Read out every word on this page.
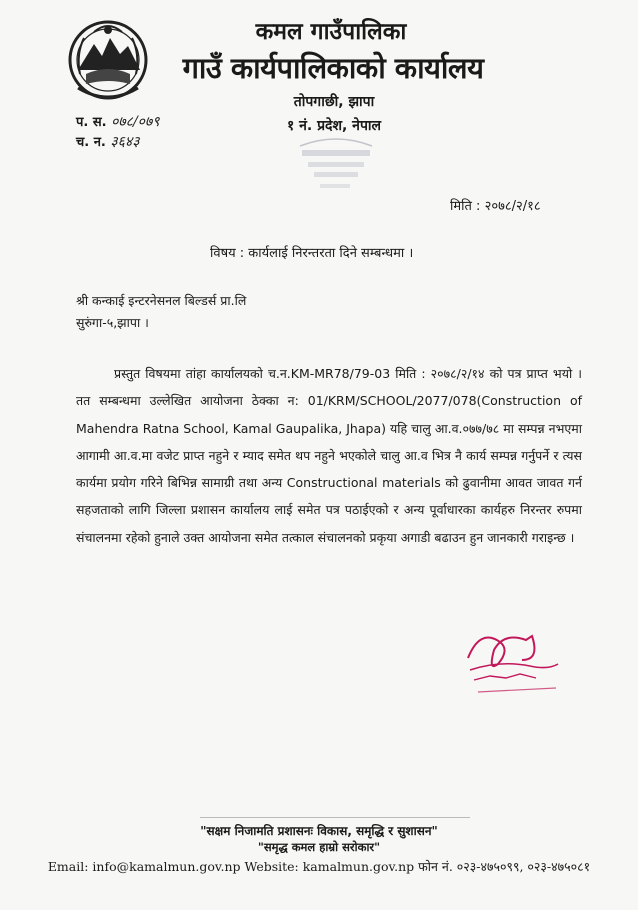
कमल गाउँपालिका
गाउँ कार्यपालिकाको कार्यालय
तोपगाछी, झापा
१ नं. प्रदेश, नेपाल
प. स. ०७८/०७९
च. न. ३६४३
मिति : २०७८/२/१८
विषय : कार्यलाई निरन्तरता दिने सम्बन्धमा ।
श्री कन्काई इन्टरनेसनल बिल्डर्स प्रा.लि
सुरुंगा-५,झापा ।

प्रस्तुत विषयमा तांहा कार्यालयको च.न.KM-MR78/79-03 मिति : २०७८/२/१४ को पत्र प्राप्त भयो ।तत सम्बन्धमा उल्लेखित आयोजना ठेक्का न: 01/KRM/SCHOOL/2077/078(Construction of Mahendra Ratna School, Kamal Gaupalika, Jhapa) यहि चालु आ.व.०७७/७८ मा सम्पन्न नभएमा आगामी आ.व.मा वजेट प्राप्त नहुने र म्याद समेत थप नहुने भएकोले चालु आ.व भित्र नै कार्य सम्पन्न गर्नुपर्ने र त्यस कार्यमा प्रयोग गरिने बिभिन्न सामाग्री तथा अन्य Constructional materials को ढुवानीमा आवत जावत गर्न सहजताको लागि जिल्ला प्रशासन कार्यालय लाई समेत पत्र पठाईएको र अन्य पूर्वाधारका कार्यहरु निरन्तर रुपमा संचालनमा रहेको हुनाले उक्त आयोजना समेत तत्काल संचालनको प्रकृया अगाडी बढाउन हुन जानकारी गराइन्छ ।

"सक्षम निजामति प्रशासनः विकास, समृद्धि र सुशासन"
"समृद्ध कमल हाम्रो सरोकार"
Email: info@kamalmun.gov.np Website: kamalmun.gov.np फोन नं. ०२३-४७५०९९, ०२३-४७५०८१
